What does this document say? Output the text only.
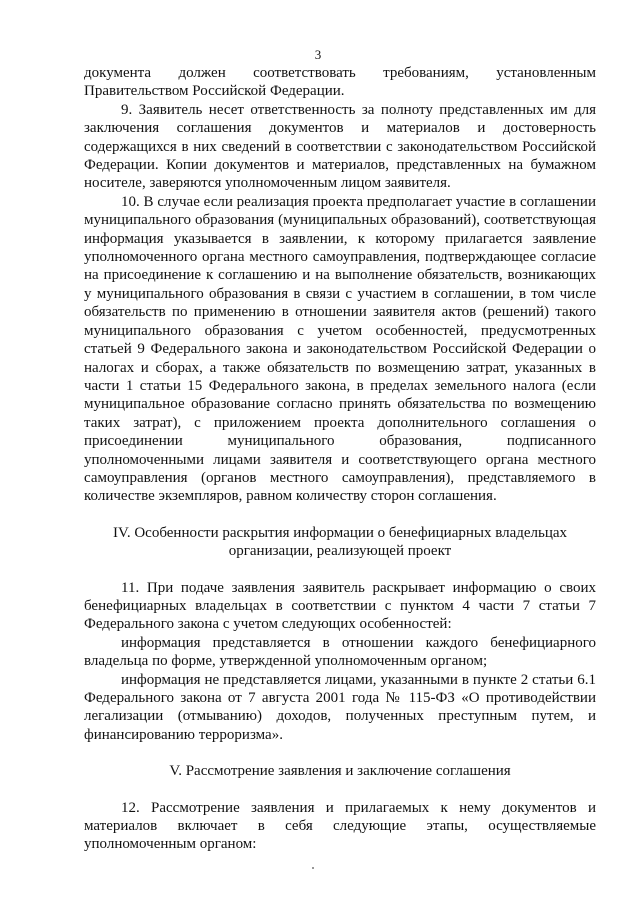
3

документа должен соответствовать требованиям, установленным

Правительством Российской Федерации.

9. Заявитель несет ответственность за полноту представленных им для заключения соглашения документов и материалов и достоверность содержащихся в них сведений в соответствии с законодательством Российской Федерации. Копии документов и материалов, представленных на бумажном носителе, заверяются уполномоченным лицом заявителя.

10. В случае если реализация проекта предполагает участие в соглашении муниципального образования (муниципальных образований), соответствующая информация указывается в заявлении, к которому прилагается заявление уполномоченного органа местного самоуправления, подтверждающее согласие на присоединение к соглашению и на выполнение обязательств, возникающих у муниципального образования в связи с участием в соглашении, в том числе обязательств по применению в отношении заявителя актов (решений) такого муниципального образования с учетом особенностей, предусмотренных статьей 9 Федерального закона и законодательством Российской Федерации о налогах и сборах, а также обязательств по возмещению затрат, указанных в части 1 статьи 15 Федерального закона, в пределах земельного налога (если муниципальное образование согласно принять обязательства по возмещению таких затрат), с приложением проекта дополнительного соглашения о присоединении муниципального образования, подписанного уполномоченными лицами заявителя и соответствующего органа местного самоуправления (органов местного самоуправления), представляемого в количестве экземпляров, равном количеству сторон соглашения.

IV. Особенности раскрытия информации о бенефициарных владельцах

организации, реализующей проект

11. При подаче заявления заявитель раскрывает информацию о своих бенефициарных владельцах в соответствии с пунктом 4 части 7 статьи 7 Федерального закона с учетом следующих особенностей:

информация представляется в отношении каждого бенефициарного владельца по форме, утвержденной уполномоченным органом;

информация не представляется лицами, указанными в пункте 2 статьи 6.1 Федерального закона от 7 августа 2001 года № 115-ФЗ «О противодействии легализации (отмыванию) доходов, полученных преступным путем, и финансированию терроризма».

V. Рассмотрение заявления и заключение соглашения

12. Рассмотрение заявления и прилагаемых к нему документов и материалов включает в себя следующие этапы, осуществляемые уполномоченным органом:
